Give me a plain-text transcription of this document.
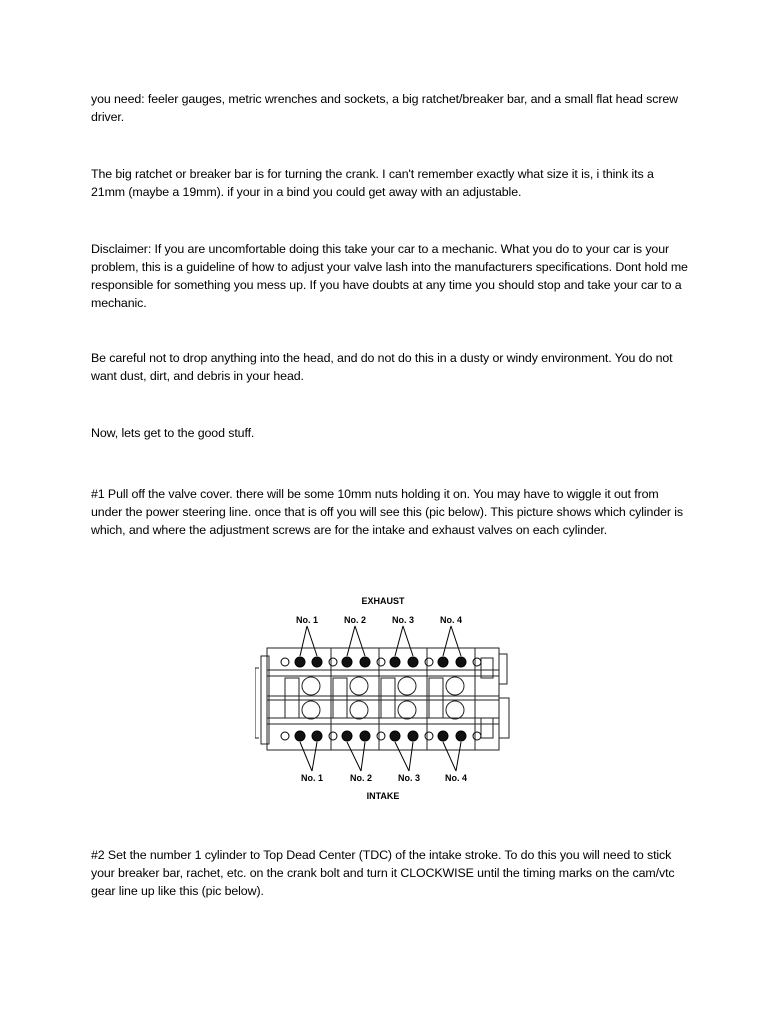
you need: feeler gauges, metric wrenches and sockets, a big ratchet/breaker bar, and a small flat head screw driver.

The big ratchet or breaker bar is for turning the crank. I can't remember exactly what size it is, i think its a 21mm (maybe a 19mm). if your in a bind you could get away with an adjustable.

Disclaimer: If you are uncomfortable doing this take your car to a mechanic. What you do to your car is your problem, this is a guideline of how to adjust your valve lash into the manufacturers specifications. Dont hold me responsible for something you mess up. If you have doubts at any time you should stop and take your car to a mechanic.

Be careful not to drop anything into the head, and do not do this in a dusty or windy environment. You do not want dust, dirt, and debris in your head.

Now, lets get to the good stuff.

#1 Pull off the valve cover. there will be some 10mm nuts holding it on. You may have to wiggle it out from under the power steering line. once that is off you will see this (pic below). This picture shows which cylinder is which, and where the adjustment screws are for the intake and exhaust valves on each cylinder.

EXHAUST
No. 1	No. 2	No. 3	No. 4
No. 1	No. 2	No. 3	No. 4
INTAKE

#2 Set the number 1 cylinder to Top Dead Center (TDC) of the intake stroke. To do this you will need to stick your breaker bar, rachet, etc. on the crank bolt and turn it CLOCKWISE until the timing marks on the cam/vtc gear line up like this (pic below).
